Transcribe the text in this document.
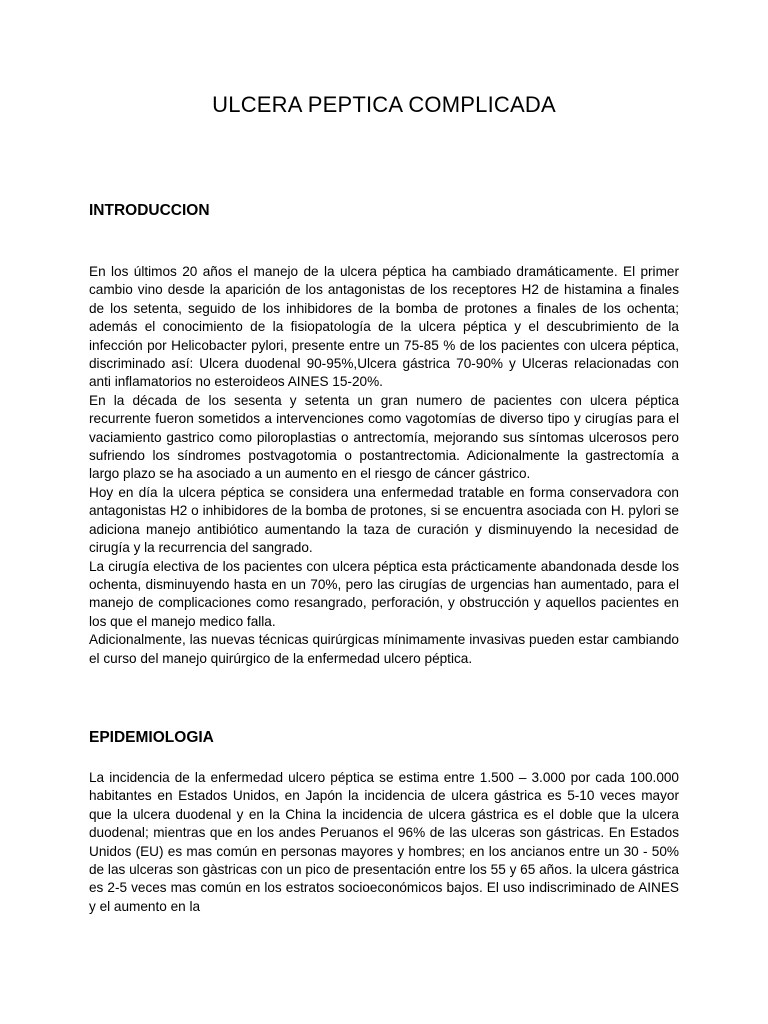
ULCERA PEPTICA COMPLICADA
INTRODUCCION

En los últimos 20 años el manejo de la ulcera péptica ha cambiado dramáticamente. El primer cambio vino desde la aparición de los antagonistas de los receptores H2 de histamina a finales de los setenta, seguido de los inhibidores de la bomba de protones a finales de los ochenta; además el conocimiento de la fisiopatología de la ulcera péptica y el descubrimiento de la infección por Helicobacter pylori, presente entre un 75-85 % de los pacientes con ulcera péptica, discriminado así: Ulcera duodenal 90-95%,Ulcera gástrica 70-90% y Ulceras relacionadas con anti inflamatorios no esteroideos AINES 15-20%.

En la década de los sesenta y setenta un gran numero de pacientes con ulcera péptica recurrente fueron sometidos a intervenciones como vagotomías de diverso tipo y cirugías para el vaciamiento gastrico como piloroplastias o antrectomía, mejorando sus síntomas ulcerosos pero sufriendo los síndromes postvagotomia o postantrectomia. Adicionalmente la gastrectomía a largo plazo se ha asociado a un aumento en el riesgo de cáncer gástrico.

Hoy en día la ulcera péptica se considera una enfermedad tratable en forma conservadora con antagonistas H2 o inhibidores de la bomba de protones, si se encuentra asociada con H. pylori se adiciona manejo antibiótico aumentando la taza de curación y disminuyendo la necesidad de cirugía y la recurrencia del sangrado.

La cirugía electiva de los pacientes con ulcera péptica esta prácticamente abandonada desde los ochenta, disminuyendo hasta en un 70%, pero las cirugías de urgencias han aumentado, para el manejo de complicaciones como resangrado, perforación, y obstrucción y aquellos pacientes en los que el manejo medico falla.

Adicionalmente, las nuevas técnicas quirúrgicas mínimamente invasivas pueden estar cambiando el curso del manejo quirúrgico de la enfermedad ulcero péptica.

EPIDEMIOLOGIA

La incidencia de la enfermedad ulcero péptica se estima entre 1.500 – 3.000 por cada 100.000 habitantes en Estados Unidos, en Japón la incidencia de ulcera gástrica es 5-10 veces mayor que la ulcera duodenal y en la China la incidencia de ulcera gástrica es el doble que la ulcera duodenal; mientras que en los andes Peruanos el 96% de las ulceras son gástricas. En Estados Unidos (EU) es mas común en personas mayores y hombres; en los ancianos entre un 30 - 50% de las ulceras son gàstricas con un pico de presentación entre los 55 y 65 años. la ulcera gástrica es 2-5 veces mas común en los estratos socioeconómicos bajos. El uso indiscriminado de AINES y el aumento en la
